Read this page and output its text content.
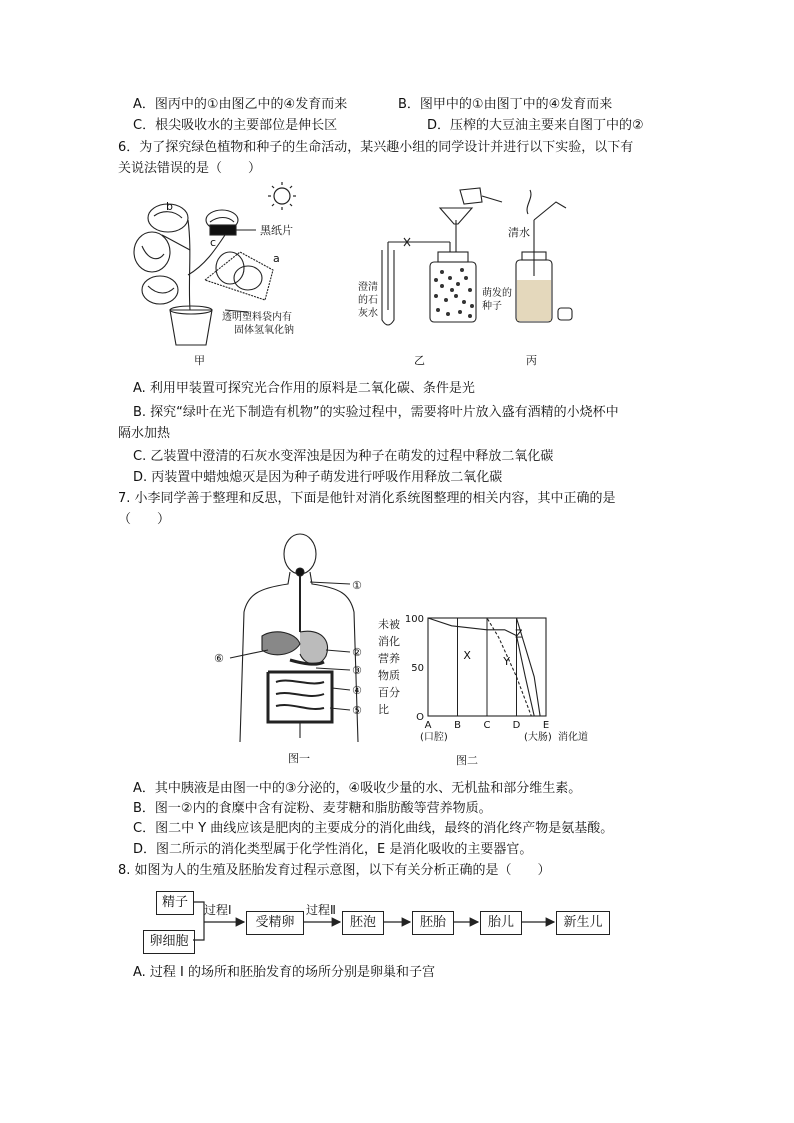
A．图丙中的①由图乙中的④发育而来	B．图甲中的①由图丁中的④发育而来
C．根尖吸收水的主要部位是伸长区	D．压榨的大豆油主要来自图丁中的②
6．为了探究绿色植物和种子的生命活动，某兴趣小组的同学设计并进行以下实验，以下有
关说法错误的是（　　）
b
c
a
黑纸片
透明塑料袋内有
固体氢氧化钠
甲
清水
澄清
的石
灰水
萌发的
种子
乙	丙
A. 利用甲装置可探究光合作用的原料是二氧化碳、条件是光
B. 探究“绿叶在光下制造有机物”的实验过程中，需要将叶片放入盛有酒精的小烧杯中
隔水加热
C. 乙装置中澄清的石灰水变浑浊是因为种子在萌发的过程中释放二氧化碳
D. 丙装置中蜡烛熄灭是因为种子萌发进行呼吸作用释放二氧化碳
7. 小李同学善于整理和反思，下面是他针对消化系统图整理的相关内容，其中正确的是
（　　）
①
②
③
④
⑤
⑥
图一
未被
消化
营养
物质
百分
比
100
50
O
A B C D E
(口腔)	(大肠) 消化道
X	Y
Z
图二
A．其中胰液是由图一中的③分泌的，④吸收少量的水、无机盐和部分维生素。
B．图一②内的食糜中含有淀粉、麦芽糖和脂肪酸等营养物质。
C．图二中 Y 曲线应该是肥肉的主要成分的消化曲线，最终的消化终产物是氨基酸。
D．图二所示的消化类型属于化学性消化，E 是消化吸收的主要器官。
8. 如图为人的生殖及胚胎发育过程示意图，以下有关分析正确的是（　　）
精子
卵细胞
过程Ⅰ
受精卵
过程Ⅱ
胚泡	胚胎	胎儿	新生儿
A. 过程 I 的场所和胚胎发育的场所分别是卵巢和子宫
